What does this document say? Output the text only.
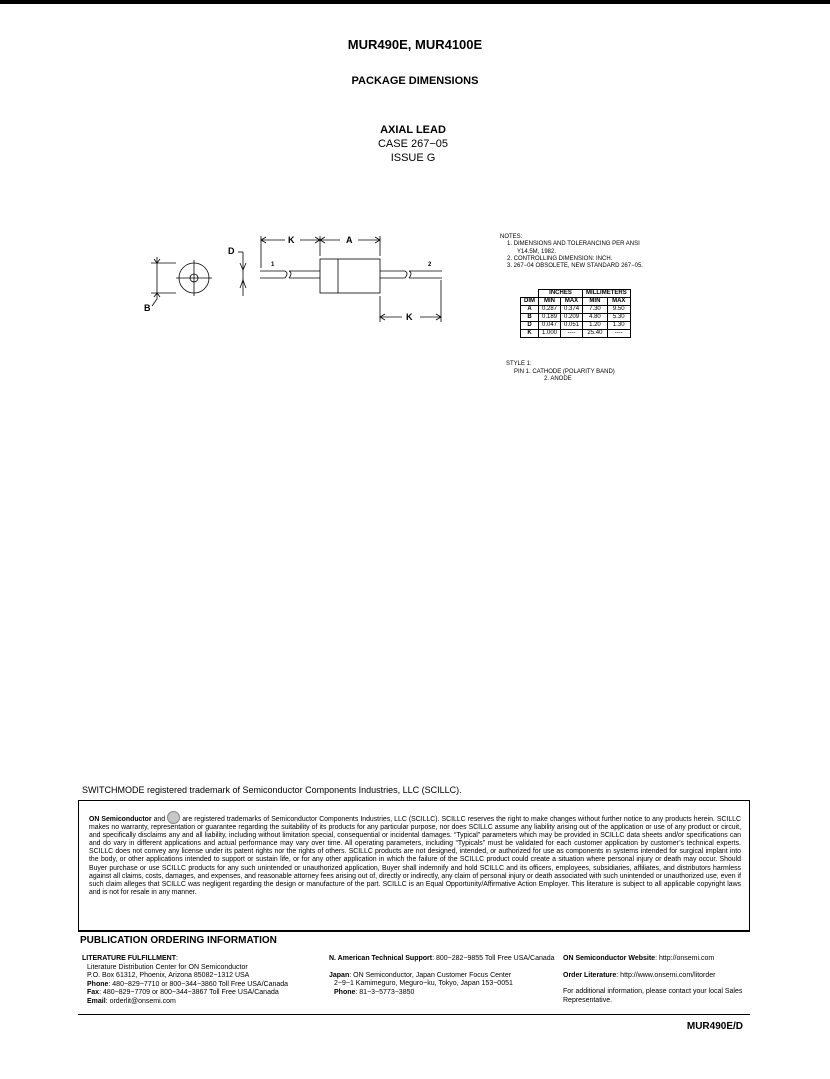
MUR490E, MUR4100E
PACKAGE DIMENSIONS
AXIAL LEAD
CASE 267−05
ISSUE G
D
K	A
B
K
1	2
NOTES:
1. DIMENSIONS AND TOLERANCING PER ANSI
Y14.5M, 1982.
2. CONTROLLING DIMENSION: INCH.
3. 267−04 OBSOLETE, NEW STANDARD 267−05.
	INCHES		MILLIMETERS	
DIM	MIN	MAX	MIN	MAX
A	0.287	0.374	7.30	9.50
B	0.189	0.209	4.80	5.30
D	0.047	0.051	1.20	1.30
K	1.000	----	25.40	----
STYLE 1:
PIN 1. CATHODE (POLARITY BAND)
2. ANODE
SWITCHMODE registered trademark of Semiconductor Components Industries, LLC (SCILLC).

ON Semiconductor and  are registered trademarks of Semiconductor Components Industries, LLC (SCILLC). SCILLC reserves the right to make changes without further notice to any products herein. SCILLC makes no warranty, representation or guarantee regarding the suitability of its products for any particular purpose, nor does SCILLC assume any liability arising out of the application or use of any product or circuit, and specifically disclaims any and all liability, including without limitation special, consequential or incidental damages. “Typical” parameters which may be provided in SCILLC data sheets and/or specifications can and do vary in different applications and actual performance may vary over time. All operating parameters, including “Typicals” must be validated for each customer application by customer’s technical experts. SCILLC does not convey any license under its patent rights nor the rights of others. SCILLC products are not designed, intended, or authorized for use as components in systems intended for surgical implant into the body, or other applications intended to support or sustain life, or for any other application in which the failure of the SCILLC product could create a situation where personal injury or death may occur. Should Buyer purchase or use SCILLC products for any such unintended or unauthorized application, Buyer shall indemnify and hold SCILLC and its officers, employees, subsidiaries, affiliates, and distributors harmless against all claims, costs, damages, and expenses, and reasonable attorney fees arising out of, directly or indirectly, any claim of personal injury or death associated with such unintended or unauthorized use, even if such claim alleges that SCILLC was negligent regarding the design or manufacture of the part. SCILLC is an Equal Opportunity/Affirmative Action Employer. This literature is subject to all applicable copyright laws and is not for resale in any manner.

PUBLICATION ORDERING INFORMATION
LITERATURE FULFILLMENT:
Literature Distribution Center for ON Semiconductor
P.O. Box 61312, Phoenix, Arizona 85082−1312 USA
Phone: 480−829−7710 or 800−344−3860 Toll Free USA/Canada
Fax: 480−829−7709 or 800−344−3867 Toll Free USA/Canada
Email: orderlit@onsemi.com
N. American Technical Support: 800−282−9855 Toll Free USA/Canada
Japan: ON Semiconductor, Japan Customer Focus Center
2−9−1 Kamimeguro, Meguro−ku, Tokyo, Japan 153−0051
Phone: 81−3−5773−3850
ON Semiconductor Website: http://onsemi.com
Order Literature: http://www.onsemi.com/litorder
For additional information, please contact your local Sales Representative.
MUR490E/D
